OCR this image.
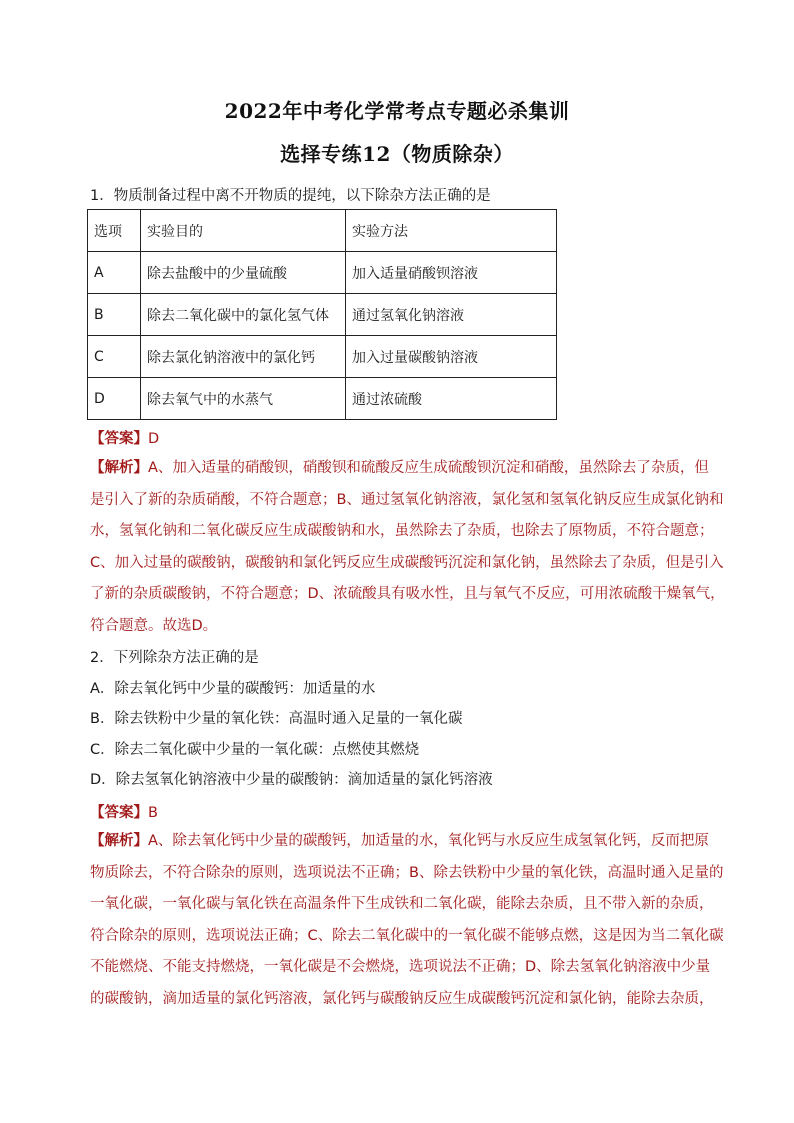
2022年中考化学常考点专题必杀集训
选择专练12（物质除杂）
1．物质制备过程中离不开物质的提纯，以下除杂方法正确的是
选项	实验目的	实验方法
A	除去盐酸中的少量硫酸	加入适量硝酸钡溶液
B	除去二氧化碳中的氯化氢气体	通过氢氧化钠溶液
C	除去氯化钠溶液中的氯化钙	加入过量碳酸钠溶液
D	除去氧气中的水蒸气	通过浓硫酸
【答案】D
【解析】A、加入适量的硝酸钡，硝酸钡和硫酸反应生成硫酸钡沉淀和硝酸，虽然除去了杂质，但
是引入了新的杂质硝酸，不符合题意；B、通过氢氧化钠溶液，氯化氢和氢氧化钠反应生成氯化钠和
水，氢氧化钠和二氧化碳反应生成碳酸钠和水，虽然除去了杂质，也除去了原物质，不符合题意；
C、加入过量的碳酸钠，碳酸钠和氯化钙反应生成碳酸钙沉淀和氯化钠，虽然除去了杂质，但是引入
了新的杂质碳酸钠，不符合题意；D、浓硫酸具有吸水性，且与氧气不反应，可用浓硫酸干燥氧气，
符合题意。故选D。
2．下列除杂方法正确的是
A．除去氧化钙中少量的碳酸钙：加适量的水
B．除去铁粉中少量的氧化铁：高温时通入足量的一氧化碳
C．除去二氧化碳中少量的一氧化碳：点燃使其燃烧
D．除去氢氧化钠溶液中少量的碳酸钠：滴加适量的氯化钙溶液
【答案】B
【解析】A、除去氧化钙中少量的碳酸钙，加适量的水，氧化钙与水反应生成氢氧化钙，反而把原
物质除去，不符合除杂的原则，选项说法不正确；B、除去铁粉中少量的氧化铁，高温时通入足量的
一氧化碳，一氧化碳与氧化铁在高温条件下生成铁和二氧化碳，能除去杂质，且不带入新的杂质，
符合除杂的原则，选项说法正确；C、除去二氧化碳中的一氧化碳不能够点燃，这是因为当二氧化碳
不能燃烧、不能支持燃烧，一氧化碳是不会燃烧，选项说法不正确；D、除去氢氧化钠溶液中少量
的碳酸钠，滴加适量的氯化钙溶液，氯化钙与碳酸钠反应生成碳酸钙沉淀和氯化钠，能除去杂质，
